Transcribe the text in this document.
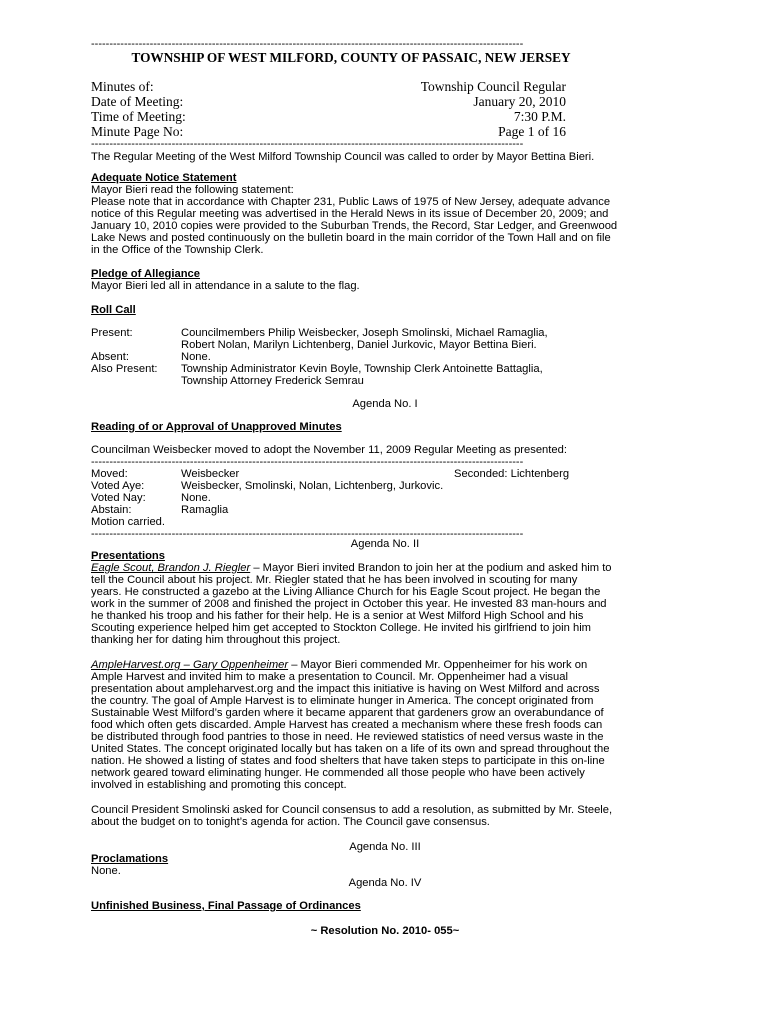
----------------------------------------------------------------------------------------------------------------------
TOWNSHIP OF WEST MILFORD, COUNTY OF PASSAIC, NEW JERSEY
Minutes of:	Township Council Regular
Date of Meeting:	January 20, 2010
Time of Meeting:	7:30 P.M.
Minute Page No:	Page 1 of 16
----------------------------------------------------------------------------------------------------------------------
The Regular Meeting of the West Milford Township Council was called to order by Mayor Bettina Bieri.

Adequate Notice Statement

Mayor Bieri read the following statement:

Please note that in accordance with Chapter 231, Public Laws of 1975 of New Jersey, adequate advance

notice of this Regular meeting was advertised in the Herald News in its issue of December 20, 2009; and

January 10, 2010 copies were provided to the Suburban Trends, the Record, Star Ledger, and Greenwood

Lake News and posted continuously on the bulletin board in the main corridor of the Town Hall and on file

in the Office of the Township Clerk.

Pledge of Allegiance

Mayor Bieri led all in attendance in a salute to the flag.

Roll Call
Present:	Councilmembers Philip Weisbecker, Joseph Smolinski, Michael Ramaglia,
Robert Nolan, Marilyn Lichtenberg, Daniel Jurkovic, Mayor Bettina Bieri.
Absent:	None.
Also Present: Township Administrator Kevin Boyle, Township Clerk Antoinette Battaglia,
Township Attorney Frederick Semrau
Agenda No. I
Reading of or Approval of Unapproved Minutes
Councilman Weisbecker moved to adopt the November 11, 2009 Regular Meeting as presented:
----------------------------------------------------------------------------------------------------------------------
Moved:	Weisbecker	Seconded: Lichtenberg
Voted Aye:	Weisbecker, Smolinski, Nolan, Lichtenberg, Jurkovic.
Voted Nay:	None.
Abstain:	Ramaglia
Motion carried.
----------------------------------------------------------------------------------------------------------------------
Agenda No. II

Presentations

Eagle Scout, Brandon J. Riegler – Mayor Bieri invited Brandon to join her at the podium and asked him to

tell the Council about his project. Mr. Riegler stated that he has been involved in scouting for many

years. He constructed a gazebo at the Living Alliance Church for his Eagle Scout project. He began the

work in the summer of 2008 and finished the project in October this year. He invested 83 man-hours and

he thanked his troop and his father for their help. He is a senior at West Milford High School and his

Scouting experience helped him get accepted to Stockton College. He invited his girlfriend to join him

thanking her for dating him throughout this project.

AmpleHarvest.org – Gary Oppenheimer – Mayor Bieri commended Mr. Oppenheimer for his work on

Ample Harvest and invited him to make a presentation to Council. Mr. Oppenheimer had a visual

presentation about ampleharvest.org and the impact this initiative is having on West Milford and across

the country. The goal of Ample Harvest is to eliminate hunger in America. The concept originated from

Sustainable West Milford’s garden where it became apparent that gardeners grow an overabundance of

food which often gets discarded. Ample Harvest has created a mechanism where these fresh foods can

be distributed through food pantries to those in need. He reviewed statistics of need versus waste in the

United States. The concept originated locally but has taken on a life of its own and spread throughout the

nation. He showed a listing of states and food shelters that have taken steps to participate in this on-line

network geared toward eliminating hunger. He commended all those people who have been actively

involved in establishing and promoting this concept.

Council President Smolinski asked for Council consensus to add a resolution, as submitted by Mr. Steele,

about the budget on to tonight’s agenda for action. The Council gave consensus.

Agenda No. III

Proclamations

None.

Agenda No. IV
Unfinished Business, Final Passage of Ordinances
~ Resolution No. 2010- 055~
